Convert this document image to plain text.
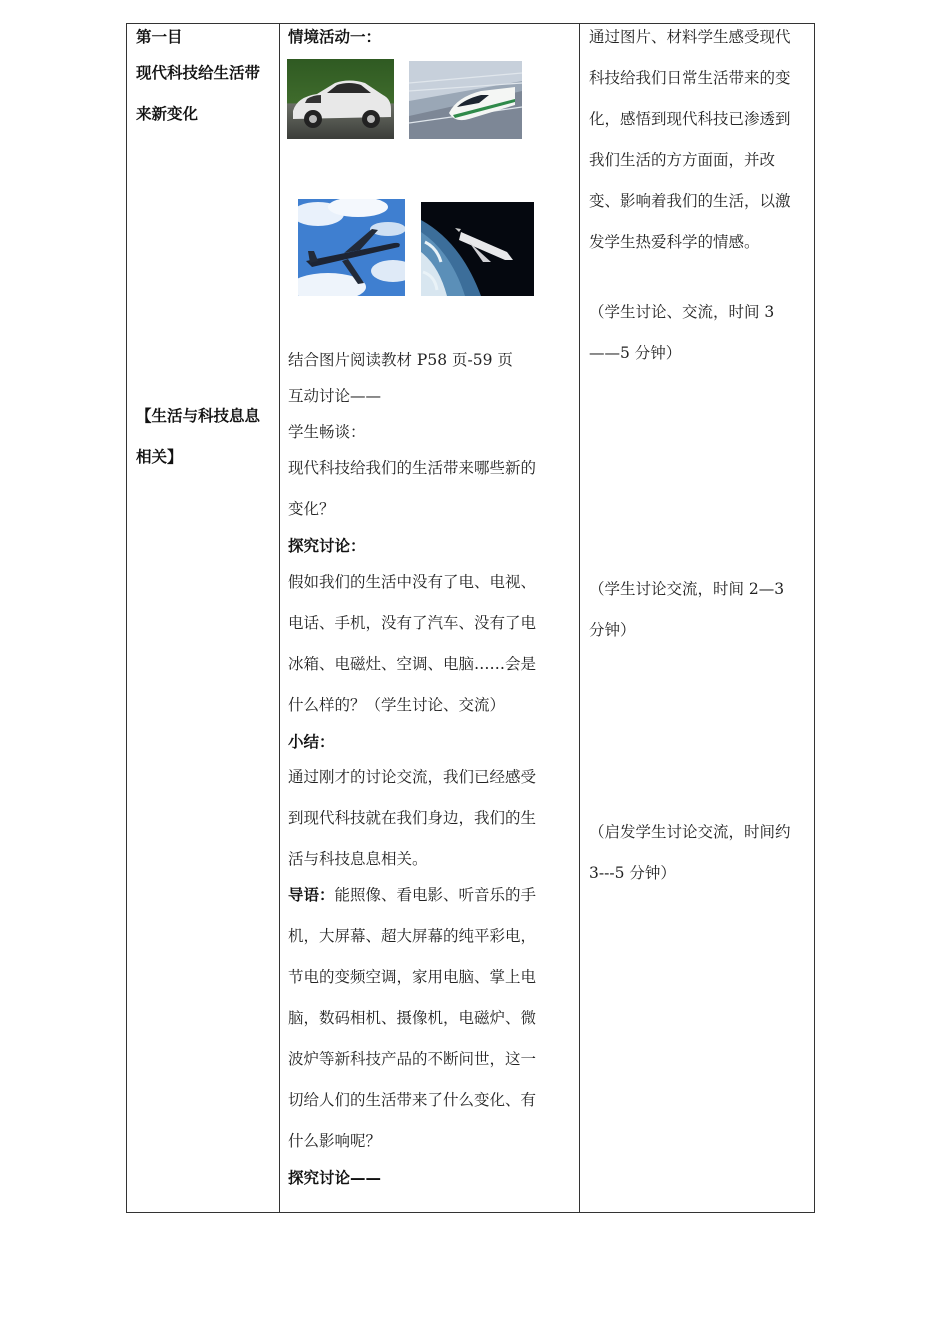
第一目
现代科技给生活带
来新变化
【生活与科技息息
相关】
情境活动一：
结合图片阅读教材 P58 页-59 页
互动讨论——
学生畅谈：
现代科技给我们的生活带来哪些新的
变化？
探究讨论：
假如我们的生活中没有了电、电视、
电话、手机，没有了汽车、没有了电
冰箱、电磁灶、空调、电脑……会是
什么样的？（学生讨论、交流）
小结：
通过刚才的讨论交流，我们已经感受
到现代科技就在我们身边，我们的生
活与科技息息相关。
导语：能照像、看电影、听音乐的手
机，大屏幕、超大屏幕的纯平彩电，
节电的变频空调，家用电脑、掌上电
脑，数码相机、摄像机，电磁炉、微
波炉等新科技产品的不断问世，这一
切给人们的生活带来了什么变化、有
什么影响呢？
探究讨论——
通过图片、材料学生感受现代
科技给我们日常生活带来的变
化，感悟到现代科技已渗透到
我们生活的方方面面，并改
变、影响着我们的生活，以激
发学生热爱科学的情感。
（学生讨论、交流，时间 3
——5 分钟）
（学生讨论交流，时间 2—3
分钟）
（启发学生讨论交流，时间约
3---5 分钟）
